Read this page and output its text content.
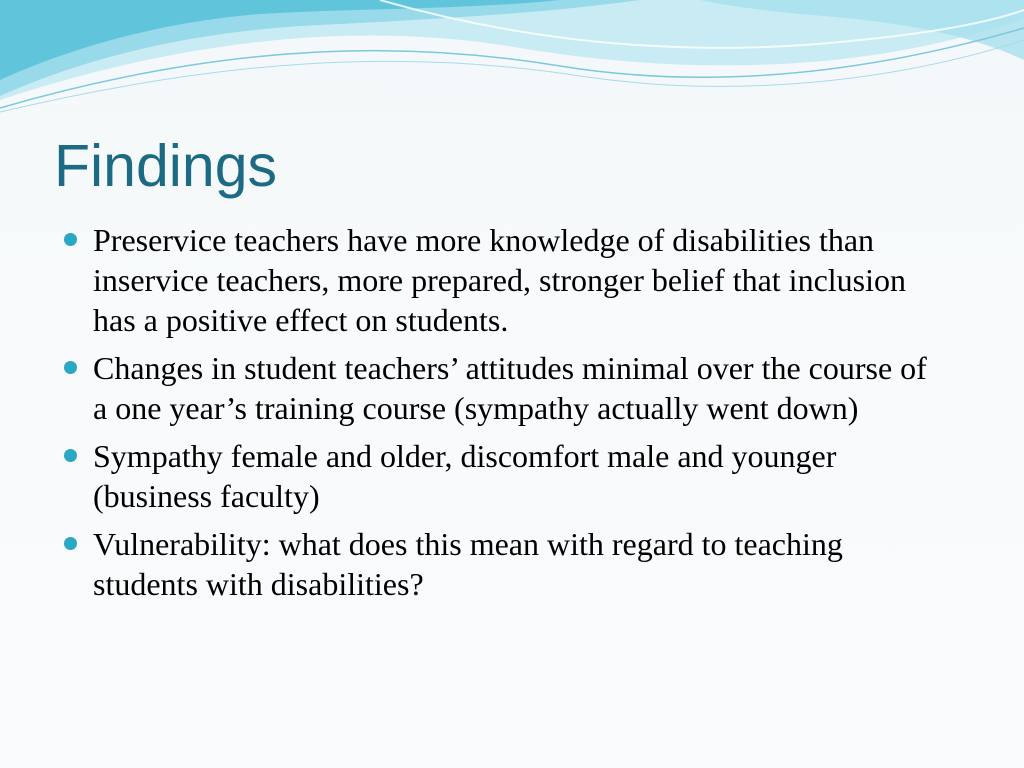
Findings
Preservice teachers have more knowledge of disabilities than inservice teachers, more prepared, stronger belief that inclusion has a positive effect on students.
Changes in student teachers’ attitudes minimal over the course of a one year’s training course (sympathy actually went down)
Sympathy female and older, discomfort male and younger (business faculty)
Vulnerability: what does this mean with regard to teaching students with disabilities?
